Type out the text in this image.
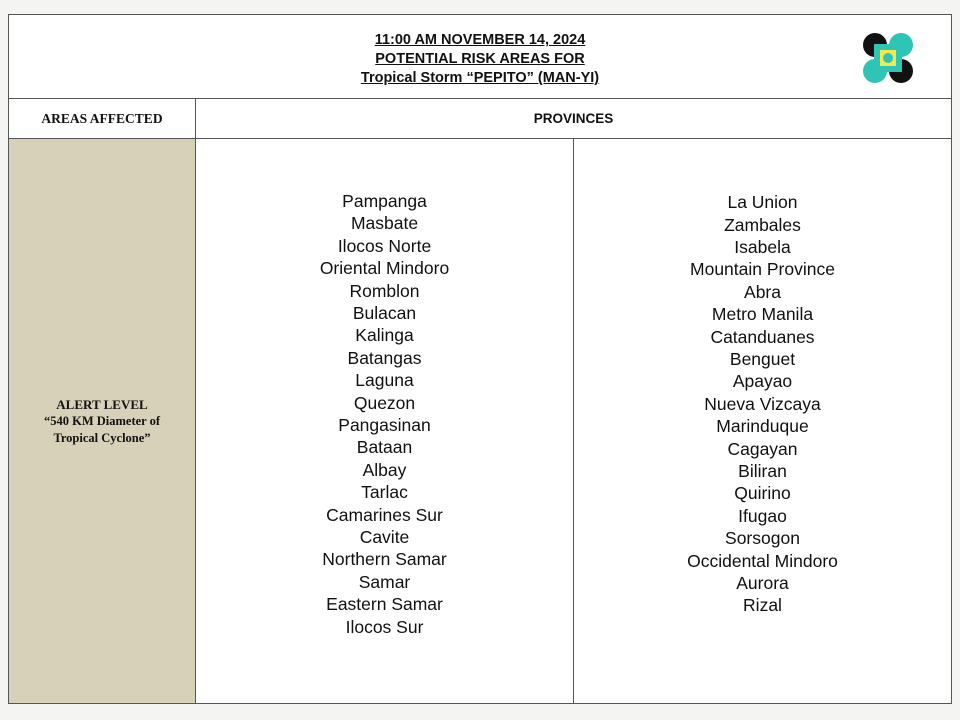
11:00 AM NOVEMBER 14, 2024
POTENTIAL RISK AREAS FOR
Tropical Storm “PEPITO” (MAN-YI)
AREAS AFFECTED	PROVINCES
ALERT LEVEL
“540 KM Diameter of Tropical Cyclone”
Pampanga
Masbate
Ilocos Norte
Oriental Mindoro
Romblon
Bulacan
Kalinga
Batangas
Laguna
Quezon
Pangasinan
Bataan
Albay
Tarlac
Camarines Sur
Cavite
Northern Samar
Samar
Eastern Samar
Ilocos Sur
La Union
Zambales
Isabela
Mountain Province
Abra
Metro Manila
Catanduanes
Benguet
Apayao
Nueva Vizcaya
Marinduque
Cagayan
Biliran
Quirino
Ifugao
Sorsogon
Occidental Mindoro
Aurora
Rizal
